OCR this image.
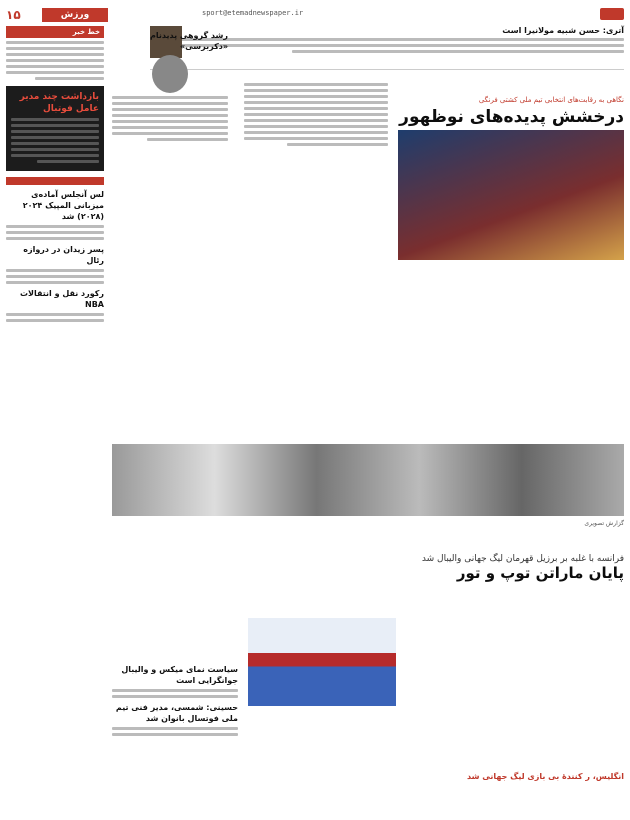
sport@etemadnewspaper.ir
ورزش
۱۵
آتری: حسن شبیه مولانیرا است
نگاهی به رقابت‌های انتخابی تیم ملی کشتی فرنگی
درخشش پدیده‌های نوظهور
خط خبر
بازداشت چند مدیر عامل فوتبال
لس آنجلس آماده‌ی میزبانی المپیک ۲۰۲۴ (۲۰۲۸) شد
پسر زیدان در دروازه رئال
رکورد نقل و انتقالات NBA
رشد گروهی پدیدنام «دکربرسی»
گزارش تصویری
فرانسه با غلبه بر برزیل قهرمان لیگ جهانی والیبال شد
پایان ماراتن توپ و تور
سیاست نمای میکس و والیبال جوانگرایی است
حسینی: شمسی، مدیر فنی تیم ملی فوتسال بانوان شد
انگلیس، ر کنندهٔ بی بازی لیگ جهانی شد
